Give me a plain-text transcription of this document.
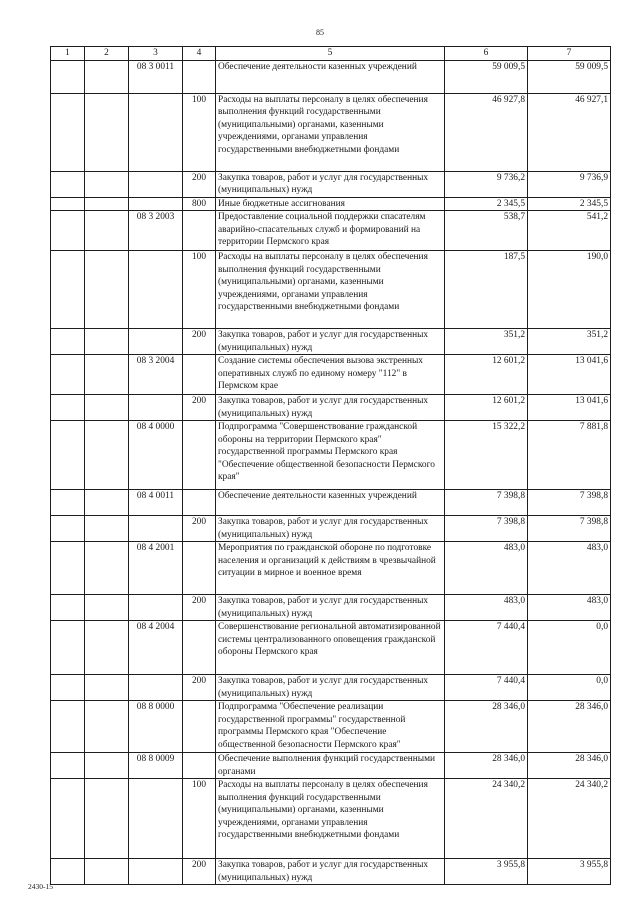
85
1	2	3	4	5	6	7
		08 3 0011		Обеспечение деятельности казенных учреждений	59 009,5	59 009,5
			100	Расходы на выплаты персоналу в целях обеспечения выполнения функций государственными (муниципальными) органами, казенными учреждениями, органами управления государственными внебюджетными фондами	46 927,8	46 927,1
			200	Закупка товаров, работ и услуг для государственных (муниципальных) нужд	9 736,2	9 736,9
			800	Иные бюджетные ассигнования	2 345,5	2 345,5
		08 3 2003		Предоставление социальной поддержки спасателям аварийно-спасательных служб и формирований на территории Пермского края	538,7	541,2
			100	Расходы на выплаты персоналу в целях обеспечения выполнения функций государственными (муниципальными) органами, казенными учреждениями, органами управления государственными внебюджетными фондами	187,5	190,0
			200	Закупка товаров, работ и услуг для государственных (муниципальных) нужд	351,2	351,2
		08 3 2004		Создание системы обеспечения вызова экстренных оперативных служб по единому номеру "112" в Пермском крае	12 601,2	13 041,6
			200	Закупка товаров, работ и услуг для государственных (муниципальных) нужд	12 601,2	13 041,6
		08 4 0000		Подпрограмма "Совершенствование гражданской обороны на территории Пермского края" государственной программы Пермского края "Обеспечение общественной безопасности Пермского края"	15 322,2	7 881,8
		08 4 0011		Обеспечение деятельности казенных учреждений	7 398,8	7 398,8
			200	Закупка товаров, работ и услуг для государственных (муниципальных) нужд	7 398,8	7 398,8
		08 4 2001		Мероприятия по гражданской обороне по подготовке населения и организаций к действиям в чрезвычайной ситуации в мирное и военное время	483,0	483,0
			200	Закупка товаров, работ и услуг для государственных (муниципальных) нужд	483,0	483,0
		08 4 2004		Совершенствование региональной автоматизированной системы централизованного оповещения гражданской обороны Пермского края	7 440,4	0,0
			200	Закупка товаров, работ и услуг для государственных (муниципальных) нужд	7 440,4	0,0
		08 8 0000		Подпрограмма "Обеспечение реализации государственной программы" государственной программы Пермского края "Обеспечение общественной безопасности Пермского края"	28 346,0	28 346,0
		08 8 0009		Обеспечение выполнения функций государственными органами	28 346,0	28 346,0
			100	Расходы на выплаты персоналу в целях обеспечения выполнения функций государственными (муниципальными) органами, казенными учреждениями, органами управления государственными внебюджетными фондами	24 340,2	24 340,2
			200	Закупка товаров, работ и услуг для государственных (муниципальных) нужд	3 955,8	3 955,8
2430-15
